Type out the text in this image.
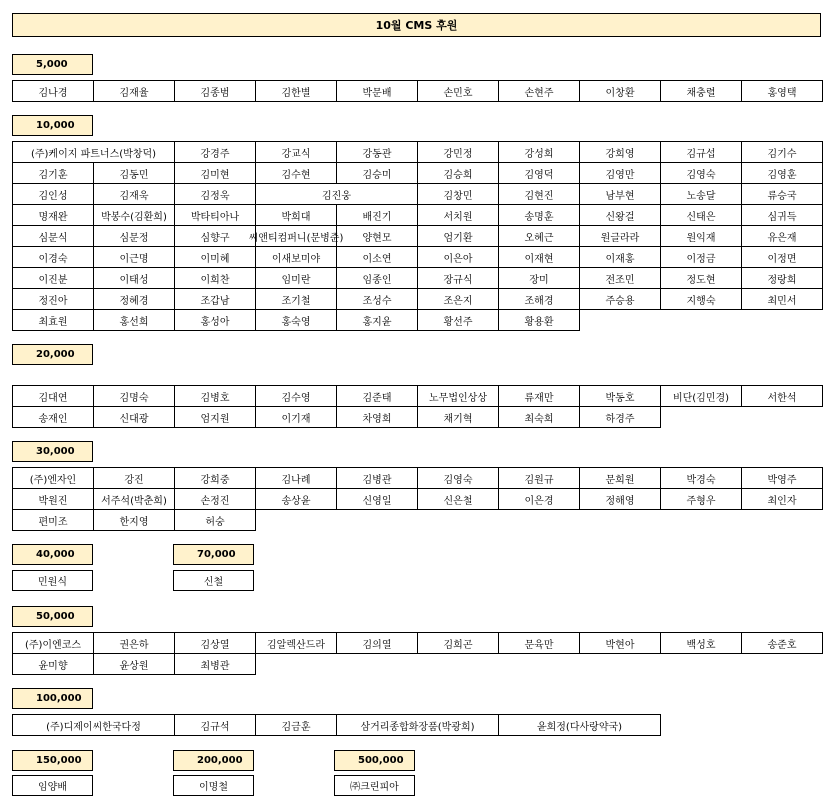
10월 CMS 후원
5,000
김나경	김재율	김종범	김한별	박문배	손민호	손현주	이창환	채충렬	홍영택
10,000
(주)케이지 파트너스(박창덕)	강경주	강교식	강동관	강민정	강성희	강희영	김규섭	김기수
김기훈	김동민	김미현	김수현	김승미	김승희	김영덕	김영만	김영숙	김영훈
김인성	김재욱	김정욱	김진웅	김창민	김현진	남부현	노송달	류승국
명재완	박봉수(김환희)	박타티아나	박희대	배진기	서치원	송명훈	신왕걸	신태은	심귀득
심문식	심문정	심향구	씨앤티컴퍼니(문병준)	양현모	엄기환	오혜근	원글라라	원익재	유은재
이경숙	이근명	이미혜	이새보미야	이소연	이은아	이재현	이재홍	이정금	이정면
이진분	이태성	이희찬	임미란	임종인	장규식	장미	전조민	정도현	정랑희
정진아	정혜경	조갑남	조기철	조성수	조은지	조해경	주승용	지행숙	최민서
최효원	홍선희	홍성아	홍숙영	홍지윤	황선주	황용환
20,000
김대연	김명숙	김병호	김수영	김준태	노무법인상상	류재만	박동호	비단(김민경)	서한석
송재인	신대광	엄지원	이기재	차영희	채기혁	최숙희	하경주
30,000
(주)엔자인	강진	강희중	김나례	김병관	김영숙	김원규	문희원	박경숙	박영주
박원진	서주석(박춘희)	손정진	송상윤	신영일	신은철	이은경	정해영	주형우	최인자
편미조	한지영	허숭
40,000
민원식
70,000
신철
50,000
(주)이엔코스	권은하	김상열	김알렉산드라	김의열	김희곤	문육만	박현아	백성호	송준호
윤미향	윤상원	최병관
100,000
(주)디제이씨한국다정	김규석	김금훈	삼거리종합화장품(박광희)	윤희정(다사랑약국)
150,000
임양배
200,000
이명철
500,000
㈜크린피아
